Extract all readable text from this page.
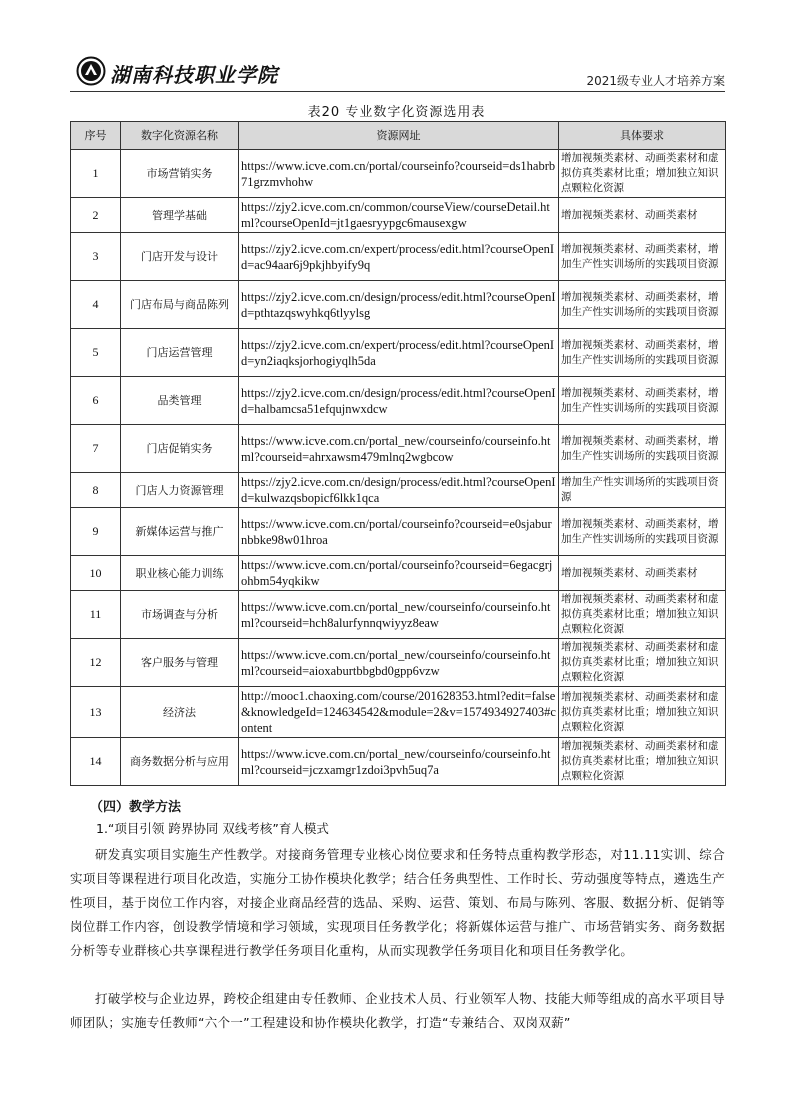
湖南科技职业学院	2021级专业人才培养方案
表20 专业数字化资源选用表
序号	数字化资源名称	资源网址	具体要求
1	市场营销实务	https://www.icve.com.cn/portal/courseinfo?courseid=ds1habrb71grzmvhohw	增加视频类素材、动画类素材和虚拟仿真类素材比重；增加独立知识点颗粒化资源
2	管理学基础	https://zjy2.icve.com.cn/common/courseView/courseDetail.html?courseOpenId=jt1gaesryypgc6mausexgw	增加视频类素材、动画类素材
3	门店开发与设计	https://zjy2.icve.com.cn/expert/process/edit.html?courseOpenId=ac94aar6j9pkjhbyify9q	增加视频类素材、动画类素材，增加生产性实训场所的实践项目资源
4	门店布局与商品陈列	https://zjy2.icve.com.cn/design/process/edit.html?courseOpenId=pthtazqswyhkq6tlyylsg	增加视频类素材、动画类素材，增加生产性实训场所的实践项目资源
5	门店运营管理	https://zjy2.icve.com.cn/expert/process/edit.html?courseOpenId=yn2iaqksjorhogiyqlh5da	增加视频类素材、动画类素材，增加生产性实训场所的实践项目资源
6	品类管理	https://zjy2.icve.com.cn/design/process/edit.html?courseOpenId=halbamcsa51efqujnwxdcw	增加视频类素材、动画类素材，增加生产性实训场所的实践项目资源
7	门店促销实务	https://www.icve.com.cn/portal_new/courseinfo/courseinfo.html?courseid=ahrxawsm479mlnq2wgbcow	增加视频类素材、动画类素材，增加生产性实训场所的实践项目资源
8	门店人力资源管理	https://zjy2.icve.com.cn/design/process/edit.html?courseOpenId=kulwazqsbopicf6lkk1qca	增加生产性实训场所的实践项目资源
9	新媒体运营与推广	https://www.icve.com.cn/portal/courseinfo?courseid=e0sjaburnbbke98w01hroa	增加视频类素材、动画类素材，增加生产性实训场所的实践项目资源
10	职业核心能力训练	https://www.icve.com.cn/portal/courseinfo?courseid=6egacgrjohbm54yqkikw	增加视频类素材、动画类素材
11	市场调查与分析	https://www.icve.com.cn/portal_new/courseinfo/courseinfo.html?courseid=hch8alurfynnqwiyyz8eaw	增加视频类素材、动画类素材和虚拟仿真类素材比重；增加独立知识点颗粒化资源
12	客户服务与管理	https://www.icve.com.cn/portal_new/courseinfo/courseinfo.html?courseid=aioxaburtbbgbd0gpp6vzw	增加视频类素材、动画类素材和虚拟仿真类素材比重；增加独立知识点颗粒化资源
13	经济法	http://mooc1.chaoxing.com/course/201628353.html?edit=false&knowledgeId=124634542&module=2&v=1574934927403#content	增加视频类素材、动画类素材和虚拟仿真类素材比重；增加独立知识点颗粒化资源
14	商务数据分析与应用	https://www.icve.com.cn/portal_new/courseinfo/courseinfo.html?courseid=jczxamgr1zdoi3pvh5uq7a	增加视频类素材、动画类素材和虚拟仿真类素材比重；增加独立知识点颗粒化资源
（四）教学方法
1.“项目引领 跨界协同 双线考核”育人模式
研发真实项目实施生产性教学。对接商务管理专业核心岗位要求和任务特点重构教学形态，对11.11实训、综合实项目等课程进行项目化改造，实施分工协作模块化教学；结合任务典型性、工作时长、劳动强度等特点，遴选生产性项目，基于岗位工作内容，对接企业商品经营的选品、采购、运营、策划、布局与陈列、客服、数据分析、促销等岗位群工作内容，创设教学情境和学习领域，实现项目任务教学化；将新媒体运营与推广、市场营销实务、商务数据分析等专业群核心共享课程进行教学任务项目化重构，从而实现教学任务项目化和项目任务教学化。
打破学校与企业边界，跨校企组建由专任教师、企业技术人员、行业领军人物、技能大师等组成的高水平项目导师团队；实施专任教师“六个一”工程建设和协作模块化教学，打造“专兼结合、双岗双薪”
